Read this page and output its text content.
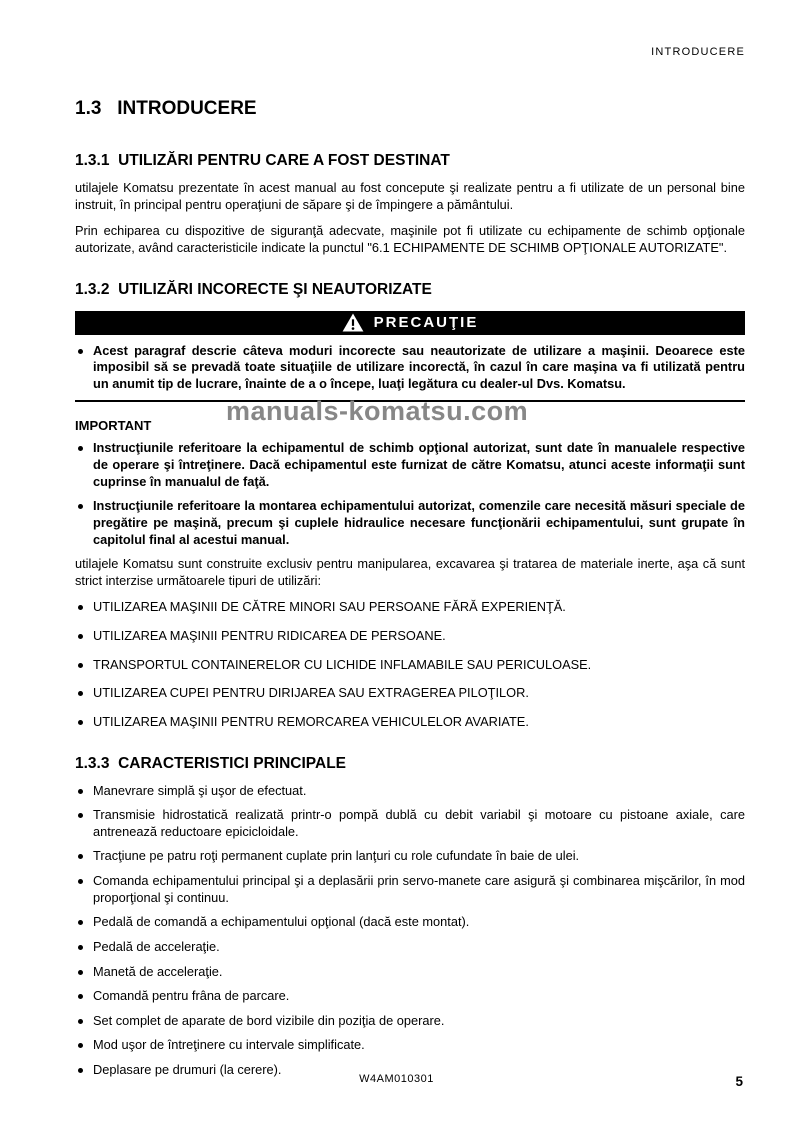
INTRODUCERE
1.3   INTRODUCERE
1.3.1  UTILIZĂRI PENTRU CARE A FOST DESTINAT

utilajele Komatsu prezentate în acest manual au fost concepute şi realizate pentru a fi utilizate de un personal bine instruit, în principal pentru operaţiuni de săpare şi de împingere a pământului.

Prin echiparea cu dispozitive de siguranţă adecvate, maşinile pot fi utilizate cu echipamente de schimb opţionale autorizate, având caracteristicile indicate la punctul "6.1 ECHIPAMENTE DE SCHIMB OPŢIONALE AUTORIZATE".

1.3.2  UTILIZĂRI INCORECTE ŞI NEAUTORIZATE
PRECAUŢIE
Acest paragraf descrie câteva moduri incorecte sau neautorizate de utilizare a maşinii. Deoarece este imposibil să se prevadă toate situaţiile de utilizare incorectă, în cazul în care maşina va fi utilizată pentru un anumit tip de lucrare, înainte de a o începe, luaţi legătura cu dealer-ul Dvs. Komatsu.
IMPORTANT
Instrucţiunile referitoare la echipamentul de schimb opţional autorizat, sunt date în manualele respective de operare şi întreţinere. Dacă echipamentul este furnizat de către Komatsu, atunci aceste informaţii sunt cuprinse în manualul de faţă.
Instrucţiunile referitoare la montarea echipamentului autorizat, comenzile care necesită măsuri speciale de pregătire pe maşină, precum şi cuplele hidraulice necesare funcţionării echipamentului, sunt grupate în capitolul final al acestui manual.

utilajele Komatsu sunt construite exclusiv pentru manipularea, excavarea şi tratarea de materiale inerte, aşa că sunt strict interzise următoarele tipuri de utilizări:

UTILIZAREA MAŞINII DE CĂTRE MINORI SAU PERSOANE FĂRĂ EXPERIENŢĂ.
UTILIZAREA MAŞINII PENTRU RIDICAREA DE PERSOANE.
TRANSPORTUL CONTAINERELOR CU LICHIDE INFLAMABILE SAU PERICULOASE.
UTILIZAREA CUPEI PENTRU DIRIJAREA SAU EXTRAGEREA PILOŢILOR.
UTILIZAREA MAŞINII PENTRU REMORCAREA VEHICULELOR AVARIATE.
1.3.3  CARACTERISTICI PRINCIPALE
Manevrare simplă şi uşor de efectuat.
Transmisie hidrostatică realizată printr-o pompă dublă cu debit variabil şi motoare cu pistoane axiale, care antrenează reductoare epicicloidale.
Tracţiune pe patru roţi permanent cuplate prin lanţuri cu role cufundate în baie de ulei.
Comanda echipamentului principal şi a deplasării prin servo-manete care asigură şi combinarea mişcărilor, în mod proporţional şi continuu.
Pedală de comandă a echipamentului opţional (dacă este montat).
Pedală de acceleraţie.
Manetă de acceleraţie.
Comandă pentru frâna de parcare.
Set complet de aparate de bord vizibile din poziţia de operare.
Mod uşor de întreţinere cu intervale simplificate.
Deplasare pe drumuri (la cerere).
manuals-komatsu.com
W4AM010301	5
